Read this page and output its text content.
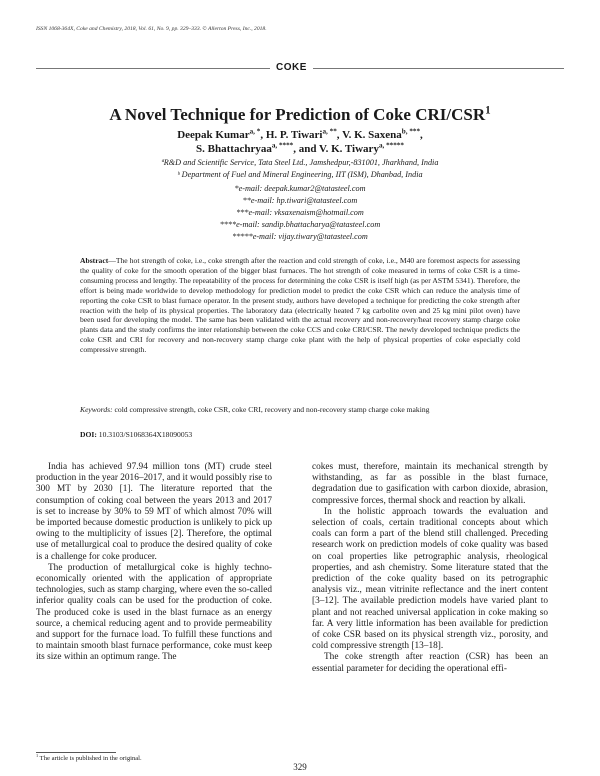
ISSN 1068-364X, Coke and Chemistry, 2018, Vol. 61, No. 9, pp. 329–333. © Allerton Press, Inc., 2018.
COKE
A Novel Technique for Prediction of Coke CRI/CSR$^1$
Deepak Kumar$^{a, *}$, H. P. Tiwari$^{a, **}$, V. K. Saxena$^{b, ***}$,
S. Bhattachryaa$^{a, ****}$, and V. K. Tiwary$^{a, *****}$
ªR&D and Scientific Service, Tata Steel Ltd., Jamshedpur,-831001, Jharkhand, India
ᵇ Department of Fuel and Mineral Engineering, IIT (ISM), Dhanbad, India
*e-mail: deepak.kumar2@tatasteel.com
**e-mail: hp.tiwari@tatasteel.com
***e-mail: vksaxenaism@hotmail.com
****e-mail: sandip.bhattacharya@tatasteel.com
*****e-mail: vijay.tiwary@tatasteel.com
Abstract—The hot strength of coke, i.e., coke strength after the reaction and cold strength of coke, i.e., M40 are foremost aspects for assessing the quality of coke for the smooth operation of the bigger blast furnaces. The hot strength of coke measured in terms of coke CSR is a time-consuming process and lengthy. The repeatability of the process for determining the coke CSR is itself high (as per ASTM 5341). Therefore, the effort is being made worldwide to develop methodology for prediction model to predict the coke CSR which can reduce the analysis time of reporting the coke CSR to blast furnace operator. In the present study, authors have developed a technique for predicting the coke strength after reaction with the help of its physical properties. The laboratory data (electrically heated 7 kg carbolite oven and 25 kg mini pilot oven) have been used for developing the model. The same has been validated with the actual recovery and non-recovery/heat recovery stamp charge coke plants data and the study confirms the inter relationship between the coke CCS and coke CRI/CSR. The newly developed technique predicts the coke CSR and CRI for recovery and non-recovery stamp charge coke plant with the help of physical properties of coke especially cold compressive strength.
Keywords: cold compressive strength, coke CSR, coke CRI, recovery and non-recovery stamp charge coke making
DOI: 10.3103/S1068364X18090053

India has achieved 97.94 million tons (MT) crude steel production in the year 2016–2017, and it would possibly rise to 300 MT by 2030 [1]. The literature reported that the consumption of coking coal between the years 2013 and 2017 is set to increase by 30% to 59 MT of which almost 70% will be imported because domestic production is unlikely to pick up owing to the multiplicity of issues [2]. Therefore, the optimal use of metallurgical coal to produce the desired quality of coke is a challenge for coke producer.

The production of metallurgical coke is highly techno-economically oriented with the application of appropriate technologies, such as stamp charging, where even the so-called inferior quality coals can be used for the production of coke. The produced coke is used in the blast furnace as an energy source, a chemical reducing agent and to provide permeability and support for the furnace load. To fulfill these functions and to maintain smooth blast furnace performance, coke must keep its size within an optimum range. The

cokes must, therefore, maintain its mechanical strength by withstanding, as far as possible in the blast furnace, degradation due to gasification with carbon dioxide, abrasion, compressive forces, thermal shock and reaction by alkali.

In the holistic approach towards the evaluation and selection of coals, certain traditional concepts about which coals can form a part of the blend still challenged. Preceding research work on prediction models of coke quality was based on coal properties like petrographic analysis, rheological properties, and ash chemistry. Some literature stated that the prediction of the coke quality based on its petrographic analysis viz., mean vitrinite reflectance and the inert content [3–12]. The available prediction models have varied plant to plant and not reached universal application in coke making so far. A very little information has been available for prediction of coke CSR based on its physical strength viz., porosity, and cold compressive strength [13–18].

The coke strength after reaction (CSR) has been an essential parameter for deciding the operational effi-

$^1$ The article is published in the original.
329
